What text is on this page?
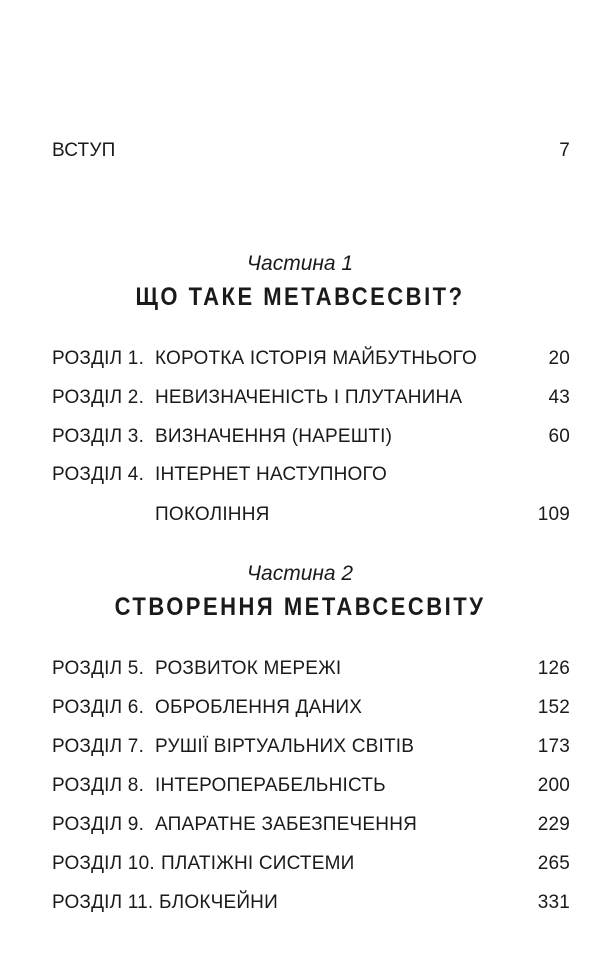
ВСТУП	7
Частина 1
ЩО ТАКЕ МЕТАВСЕСВІТ?
РОЗДІЛ 1. КОРОТКА ІСТОРІЯ МАЙБУТНЬОГО	20
РОЗДІЛ 2. НЕВИЗНАЧЕНІСТЬ І ПЛУТАНИНА	43
РОЗДІЛ 3. ВИЗНАЧЕННЯ (НАРЕШТІ)	60
РОЗДІЛ 4. ІНТЕРНЕТ НАСТУПНОГО
ПОКОЛІННЯ	109
Частина 2
СТВОРЕННЯ МЕТАВСЕСВІТУ
РОЗДІЛ 5. РОЗВИТОК МЕРЕЖІ	126
РОЗДІЛ 6. ОБРОБЛЕННЯ ДАНИХ	152
РОЗДІЛ 7. РУШІЇ ВІРТУАЛЬНИХ СВІТІВ	173
РОЗДІЛ 8. ІНТЕРОПЕРАБЕЛЬНІСТЬ	200
РОЗДІЛ 9. АПАРАТНЕ ЗАБЕЗПЕЧЕННЯ	229
РОЗДІЛ 10. ПЛАТІЖНІ СИСТЕМИ	265
РОЗДІЛ 11. БЛОКЧЕЙНИ	331
